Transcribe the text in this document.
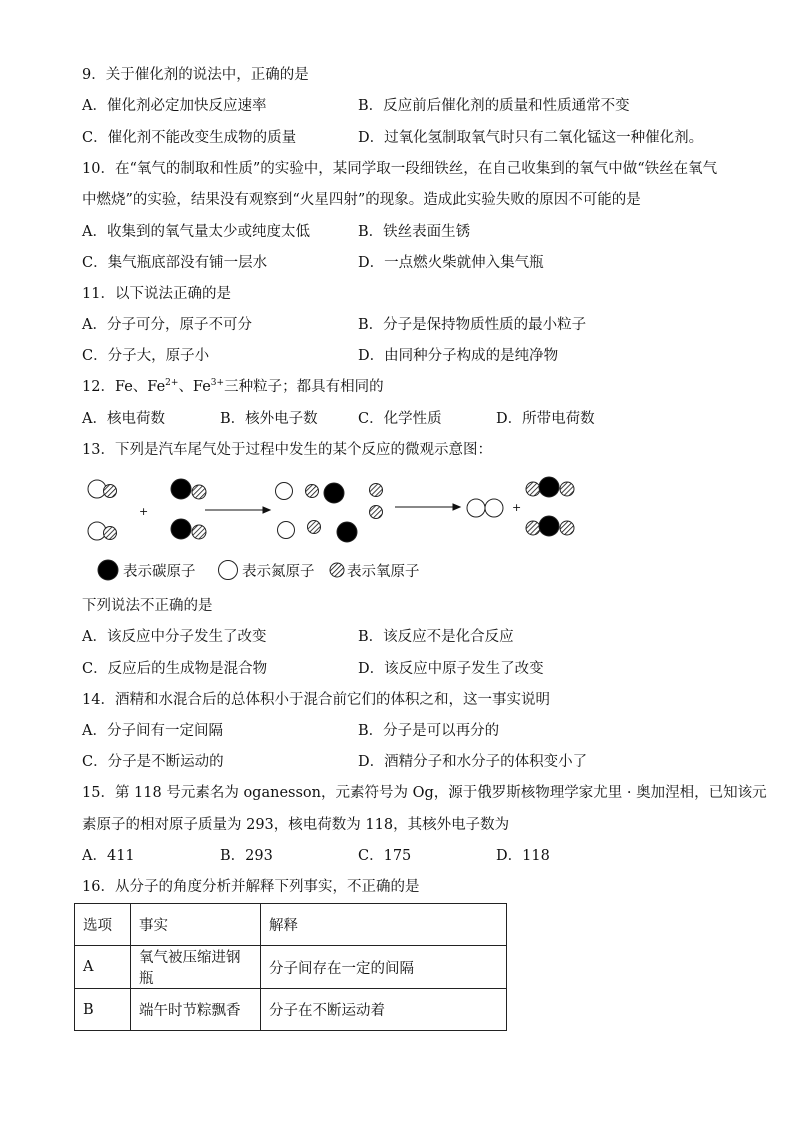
9．关于催化剂的说法中，正确的是
A．催化剂必定加快反应速率	B．反应前后催化剂的质量和性质通常不变
C．催化剂不能改变生成物的质量	D．过氧化氢制取氧气时只有二氧化锰这一种催化剂。
10．在“氧气的制取和性质”的实验中，某同学取一段细铁丝，在自己收集到的氧气中做“铁丝在氧气
中燃烧”的实验，结果没有观察到“火星四射”的现象。造成此实验失败的原因不可能的是
A．收集到的氧气量太少或纯度太低	B．铁丝表面生锈
C．集气瓶底部没有铺一层水	D．一点燃火柴就伸入集气瓶
11．以下说法正确的是
A．分子可分，原子不可分	B．分子是保持物质性质的最小粒子
C．分子大，原子小	D．由同种分子构成的是纯净物
12．Fe、$Fe^{2+}$、$Fe^{3+}$三种粒子；都具有相同的
A．核电荷数	B．核外电子数	C．化学性质	D．所带电荷数
13．下列是汽车尾气处于过程中发生的某个反应的微观示意图：
+	+
表示碳原子	表示氮原子 表示氧原子
下列说法不正确的是
A．该反应中分子发生了改变	B．该反应不是化合反应
C．反应后的生成物是混合物	D．该反应中原子发生了改变
14．酒精和水混合后的总体积小于混合前它们的体积之和，这一事实说明
A．分子间有一定间隔	B．分子是可以再分的
C．分子是不断运动的	D．酒精分子和水分子的体积变小了
15．第 118 号元素名为 oganesson，元素符号为 Og，源于俄罗斯核物理学家尤里 · 奥加涅相，已知该元
素原子的相对原子质量为 293，核电荷数为 118，其核外电子数为
A．411	B．293	C．175	D．118
16．从分子的角度分析并解释下列事实，不正确的是
选项	事实	解释
A	氧气被压缩进钢瓶	分子间存在一定的间隔
B	端午时节粽飘香	分子在不断运动着
